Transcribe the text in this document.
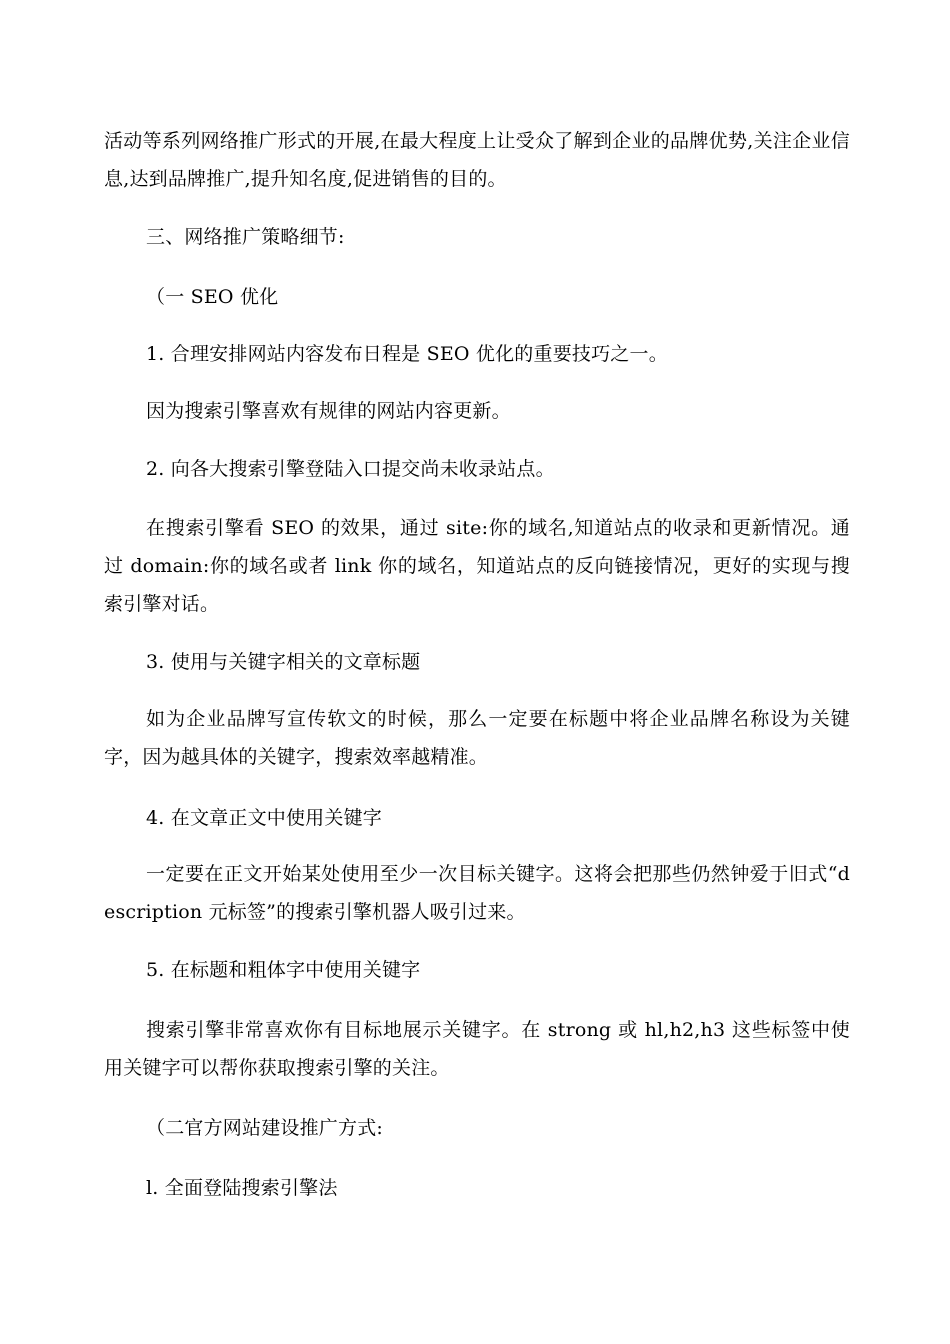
活动等系列网络推广形式的开展,在最大程度上让受众了解到企业的品牌优势,关注企业信息,达到品牌推广,提升知名度,促进销售的目的。

三、网络推广策略细节:

（一 SEO 优化

1. 合理安排网站内容发布日程是 SEO 优化的重要技巧之一。

因为搜索引擎喜欢有规律的网站内容更新。

2. 向各大搜索引擎登陆入口提交尚未收录站点。

在搜索引擎看 SEO 的效果，通过 site:你的域名,知道站点的收录和更新情况。通过 domain:你的域名或者 link 你的域名，知道站点的反向链接情况，更好的实现与搜索引擎对话。

3. 使用与关键字相关的文章标题

如为企业品牌写宣传软文的时候，那么一定要在标题中将企业品牌名称设为关键字，因为越具体的关键字，搜索效率越精准。

4. 在文章正文中使用关键字

一定要在正文开始某处使用至少一次目标关键字。这将会把那些仍然钟爱于旧式“description 元标签”的搜索引擎机器人吸引过来。

5. 在标题和粗体字中使用关键字

搜索引擎非常喜欢你有目标地展示关键字。在 strong 或 hl,h2,h3 这些标签中使用关键字可以帮你获取搜索引擎的关注。

（二官方网站建设推广方式:

l. 全面登陆搜索引擎法
